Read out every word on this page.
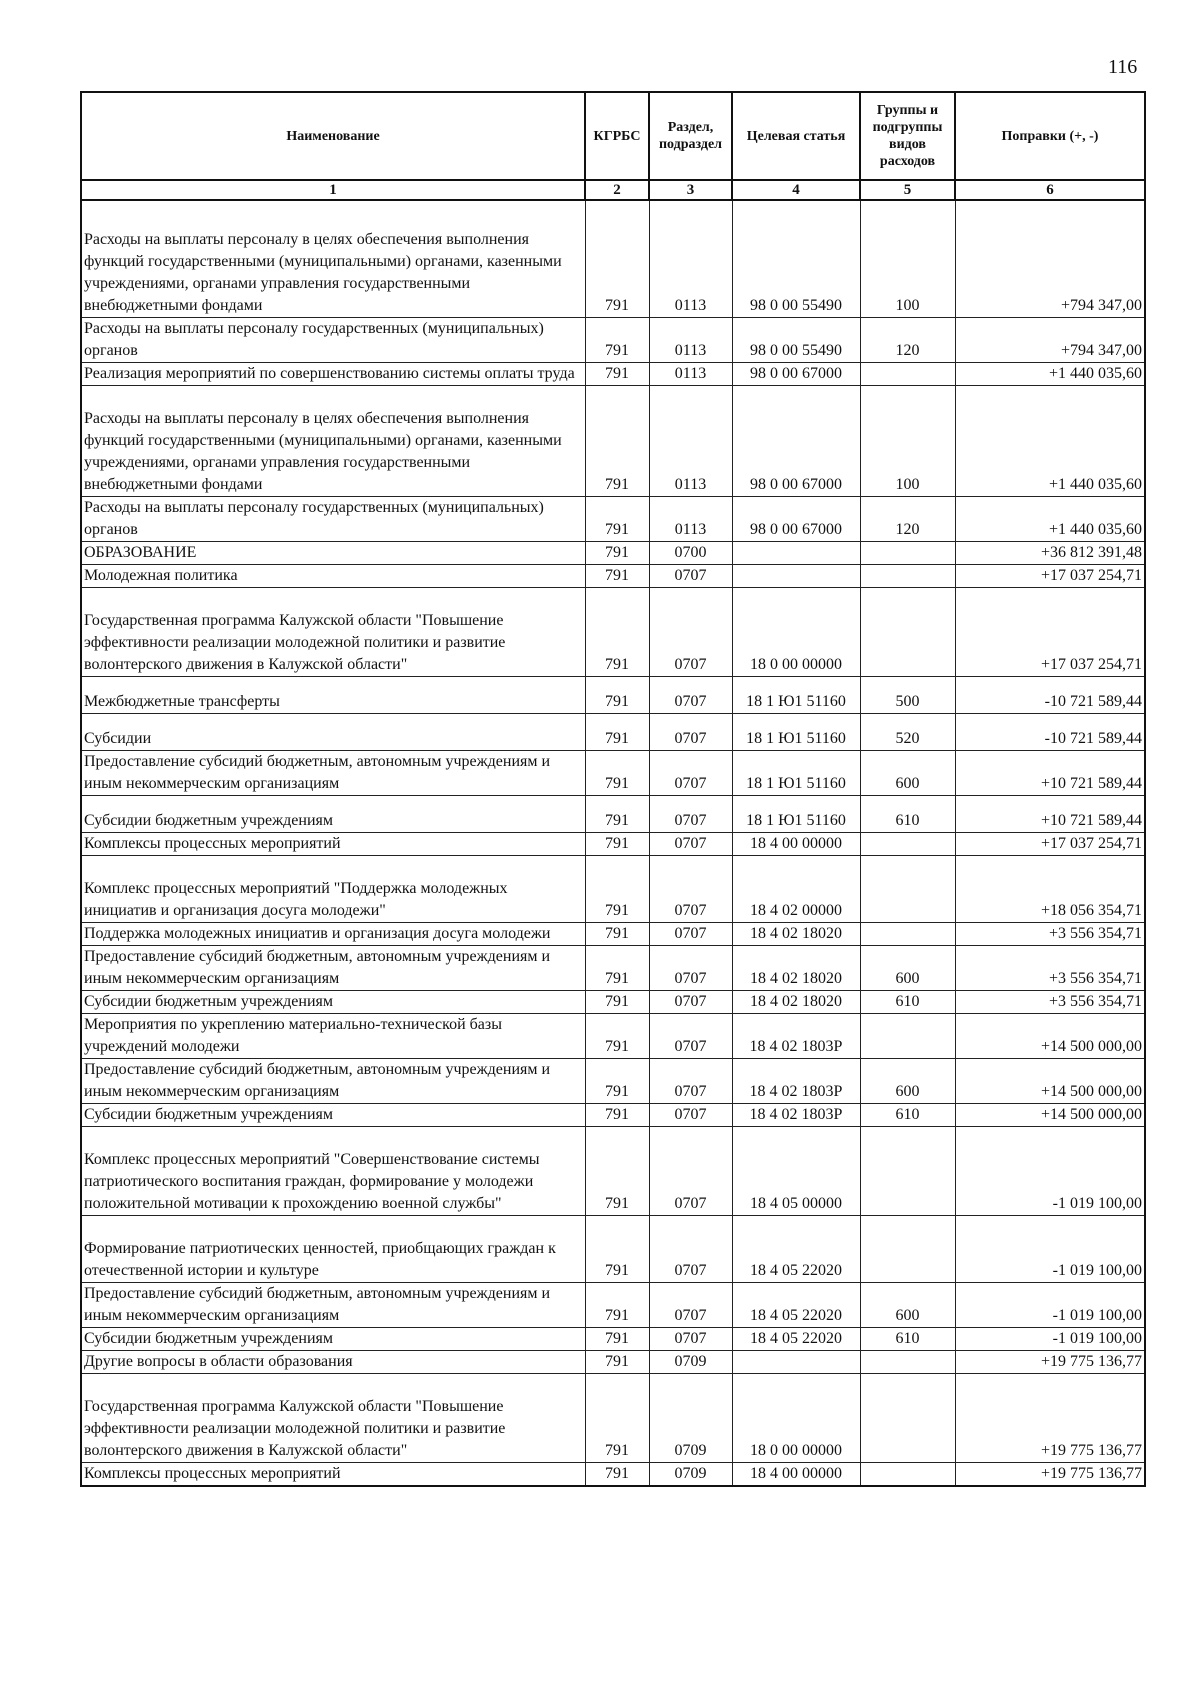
116
Наименование	КГРБС	Раздел, подраздел	Целевая статья	Группы и подгруппы видов расходов	Поправки (+, -)
1	2	3	4	5	6
Расходы на выплаты персоналу в целях обеспечения выполнения функций государственными (муниципальными) органами, казенными учреждениями, органами управления государственными внебюджетными фондами	791	0113	98 0 00 55490	100	+794 347,00
Расходы на выплаты персоналу государственных (муниципальных) органов	791	0113	98 0 00 55490	120	+794 347,00
Реализация мероприятий по совершенствованию системы оплаты труда	791	0113	98 0 00 67000		+1 440 035,60
Расходы на выплаты персоналу в целях обеспечения выполнения функций государственными (муниципальными) органами, казенными учреждениями, органами управления государственными внебюджетными фондами	791	0113	98 0 00 67000	100	+1 440 035,60
Расходы на выплаты персоналу государственных (муниципальных) органов	791	0113	98 0 00 67000	120	+1 440 035,60
ОБРАЗОВАНИЕ	791	0700			+36 812 391,48
Молодежная политика	791	0707			+17 037 254,71
Государственная программа Калужской области "Повышение эффективности реализации молодежной политики и развитие волонтерского движения в Калужской области"	791	0707	18 0 00 00000		+17 037 254,71
Межбюджетные трансферты	791	0707	18 1 Ю1 51160	500	-10 721 589,44
Субсидии	791	0707	18 1 Ю1 51160	520	-10 721 589,44
Предоставление субсидий бюджетным, автономным учреждениям и иным некоммерческим организациям	791	0707	18 1 Ю1 51160	600	+10 721 589,44
Субсидии бюджетным учреждениям	791	0707	18 1 Ю1 51160	610	+10 721 589,44
Комплексы процессных мероприятий	791	0707	18 4 00 00000		+17 037 254,71
Комплекс процессных мероприятий "Поддержка молодежных инициатив и организация досуга молодежи"	791	0707	18 4 02 00000		+18 056 354,71
Поддержка молодежных инициатив и организация досуга молодежи	791	0707	18 4 02 18020		+3 556 354,71
Предоставление субсидий бюджетным, автономным учреждениям и иным некоммерческим организациям	791	0707	18 4 02 18020	600	+3 556 354,71
Субсидии бюджетным учреждениям	791	0707	18 4 02 18020	610	+3 556 354,71
Мероприятия по укреплению материально-технической базы учреждений молодежи	791	0707	18 4 02 1803Р		+14 500 000,00
Предоставление субсидий бюджетным, автономным учреждениям и иным некоммерческим организациям	791	0707	18 4 02 1803Р	600	+14 500 000,00
Субсидии бюджетным учреждениям	791	0707	18 4 02 1803Р	610	+14 500 000,00
Комплекс процессных мероприятий "Совершенствование системы патриотического воспитания граждан, формирование у молодежи положительной мотивации к прохождению военной службы"	791	0707	18 4 05 00000		-1 019 100,00
Формирование патриотических ценностей, приобщающих граждан к отечественной истории и культуре	791	0707	18 4 05 22020		-1 019 100,00
Предоставление субсидий бюджетным, автономным учреждениям и иным некоммерческим организациям	791	0707	18 4 05 22020	600	-1 019 100,00
Субсидии бюджетным учреждениям	791	0707	18 4 05 22020	610	-1 019 100,00
Другие вопросы в области образования	791	0709			+19 775 136,77
Государственная программа Калужской области "Повышение эффективности реализации молодежной политики и развитие волонтерского движения в Калужской области"	791	0709	18 0 00 00000		+19 775 136,77
Комплексы процессных мероприятий	791	0709	18 4 00 00000		+19 775 136,77
